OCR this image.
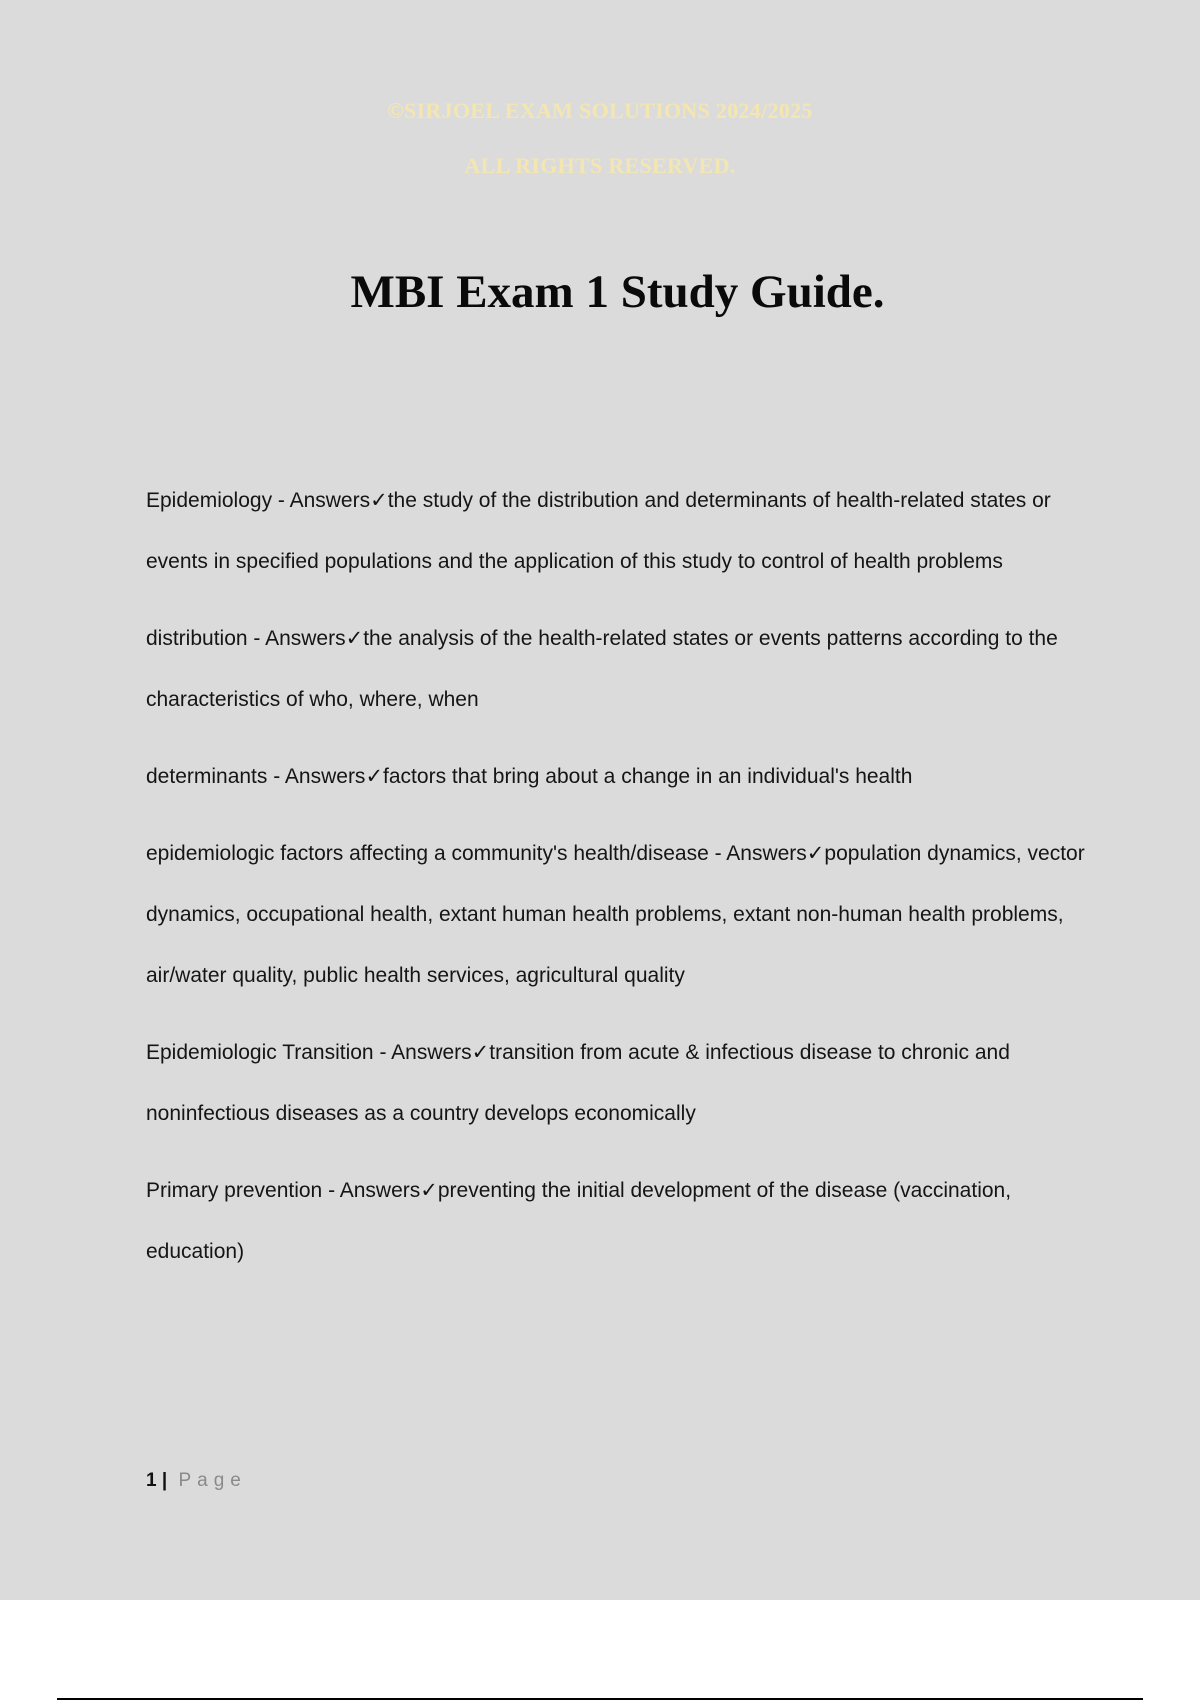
©SIRJOEL EXAM SOLUTIONS 2024/2025
ALL RIGHTS RESERVED.
MBI Exam 1 Study Guide.

Epidemiology - Answers✓the study of the distribution and determinants of health-related states or events in specified populations and the application of this study to control of health problems

distribution - Answers✓the analysis of the health-related states or events patterns according to the characteristics of who, where, when

determinants - Answers✓factors that bring about a change in an individual's health

epidemiologic factors affecting a community's health/disease - Answers✓population dynamics, vector dynamics, occupational health, extant human health problems, extant non-human health problems, air/water quality, public health services, agricultural quality

Epidemiologic Transition - Answers✓transition from acute & infectious disease to chronic and noninfectious diseases as a country develops economically

Primary prevention - Answers✓preventing the initial development of the disease (vaccination, education)

1 | Page
